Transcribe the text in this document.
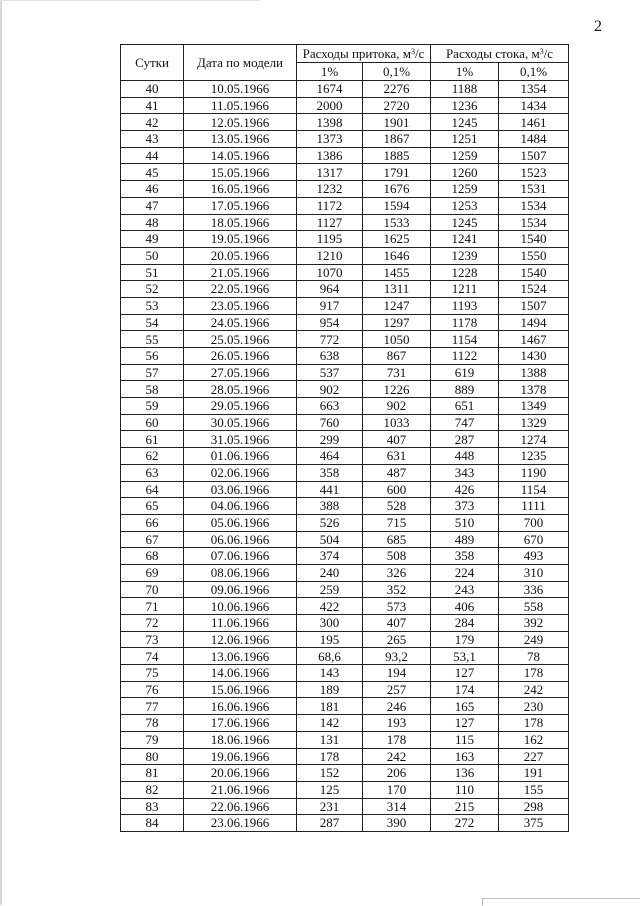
2
Сутки	Дата по модели	Расходы притока, $м^3/с$		Расходы стока, $м^3/с$	
		1%	0,1%	1%	0,1%
40	10.05.1966	1674	2276	1188	1354
41	11.05.1966	2000	2720	1236	1434
42	12.05.1966	1398	1901	1245	1461
43	13.05.1966	1373	1867	1251	1484
44	14.05.1966	1386	1885	1259	1507
45	15.05.1966	1317	1791	1260	1523
46	16.05.1966	1232	1676	1259	1531
47	17.05.1966	1172	1594	1253	1534
48	18.05.1966	1127	1533	1245	1534
49	19.05.1966	1195	1625	1241	1540
50	20.05.1966	1210	1646	1239	1550
51	21.05.1966	1070	1455	1228	1540
52	22.05.1966	964	1311	1211	1524
53	23.05.1966	917	1247	1193	1507
54	24.05.1966	954	1297	1178	1494
55	25.05.1966	772	1050	1154	1467
56	26.05.1966	638	867	1122	1430
57	27.05.1966	537	731	619	1388
58	28.05.1966	902	1226	889	1378
59	29.05.1966	663	902	651	1349
60	30.05.1966	760	1033	747	1329
61	31.05.1966	299	407	287	1274
62	01.06.1966	464	631	448	1235
63	02.06.1966	358	487	343	1190
64	03.06.1966	441	600	426	1154
65	04.06.1966	388	528	373	1111
66	05.06.1966	526	715	510	700
67	06.06.1966	504	685	489	670
68	07.06.1966	374	508	358	493
69	08.06.1966	240	326	224	310
70	09.06.1966	259	352	243	336
71	10.06.1966	422	573	406	558
72	11.06.1966	300	407	284	392
73	12.06.1966	195	265	179	249
74	13.06.1966	68,6	93,2	53,1	78
75	14.06.1966	143	194	127	178
76	15.06.1966	189	257	174	242
77	16.06.1966	181	246	165	230
78	17.06.1966	142	193	127	178
79	18.06.1966	131	178	115	162
80	19.06.1966	178	242	163	227
81	20.06.1966	152	206	136	191
82	21.06.1966	125	170	110	155
83	22.06.1966	231	314	215	298
84	23.06.1966	287	390	272	375
